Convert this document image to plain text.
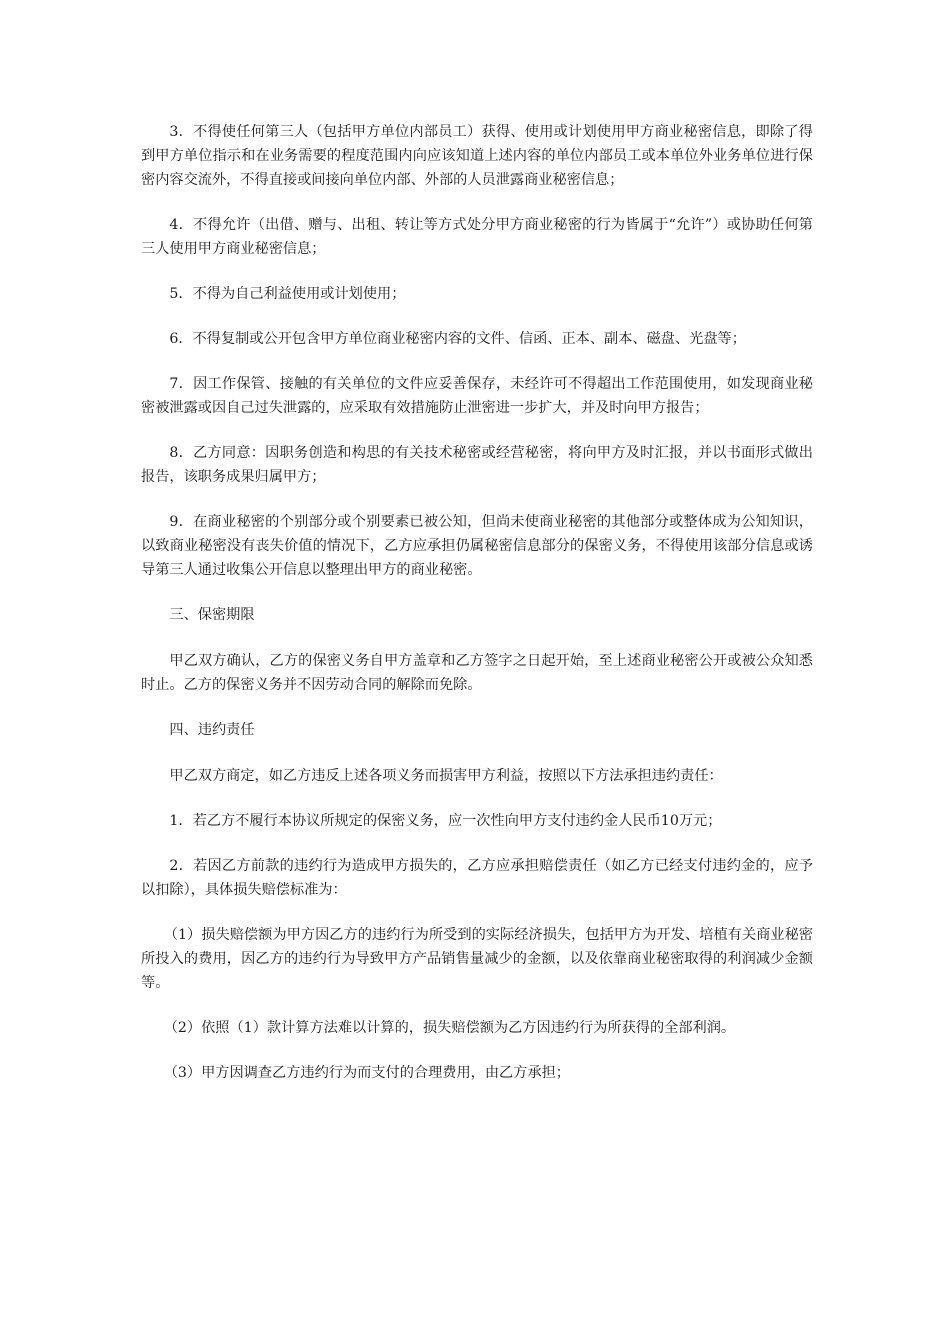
3．不得使任何第三人（包括甲方单位内部员工）获得、使用或计划使用甲方商业秘密信息，即除了得到甲方单位指示和在业务需要的程度范围内向应该知道上述内容的单位内部员工或本单位外业务单位进行保密内容交流外，不得直接或间接向单位内部、外部的人员泄露商业秘密信息；

4．不得允许（出借、赠与、出租、转让等方式处分甲方商业秘密的行为皆属于“允许”）或协助任何第三人使用甲方商业秘密信息；

5．不得为自己利益使用或计划使用；

6．不得复制或公开包含甲方单位商业秘密内容的文件、信函、正本、副本、磁盘、光盘等；

7．因工作保管、接触的有关单位的文件应妥善保存，未经许可不得超出工作范围使用，如发现商业秘密被泄露或因自己过失泄露的，应采取有效措施防止泄密进一步扩大，并及时向甲方报告；

8．乙方同意：因职务创造和构思的有关技术秘密或经营秘密，将向甲方及时汇报，并以书面形式做出报告，该职务成果归属甲方；

9．在商业秘密的个别部分或个别要素已被公知，但尚未使商业秘密的其他部分或整体成为公知知识，以致商业秘密没有丧失价值的情况下，乙方应承担仍属秘密信息部分的保密义务，不得使用该部分信息或诱导第三人通过收集公开信息以整理出甲方的商业秘密。

三、保密期限

甲乙双方确认，乙方的保密义务自甲方盖章和乙方签字之日起开始，至上述商业秘密公开或被公众知悉时止。乙方的保密义务并不因劳动合同的解除而免除。

四、违约责任

甲乙双方商定，如乙方违反上述各项义务而损害甲方利益，按照以下方法承担违约责任：

1．若乙方不履行本协议所规定的保密义务，应一次性向甲方支付违约金人民币10万元；

2．若因乙方前款的违约行为造成甲方损失的，乙方应承担赔偿责任（如乙方已经支付违约金的，应予以扣除），具体损失赔偿标准为：

（1）损失赔偿额为甲方因乙方的违约行为所受到的实际经济损失，包括甲方为开发、培植有关商业秘密所投入的费用，因乙方的违约行为导致甲方产品销售量减少的金额，以及依靠商业秘密取得的利润减少金额等。

（2）依照（1）款计算方法难以计算的，损失赔偿额为乙方因违约行为所获得的全部利润。

（3）甲方因调查乙方违约行为而支付的合理费用，由乙方承担；
